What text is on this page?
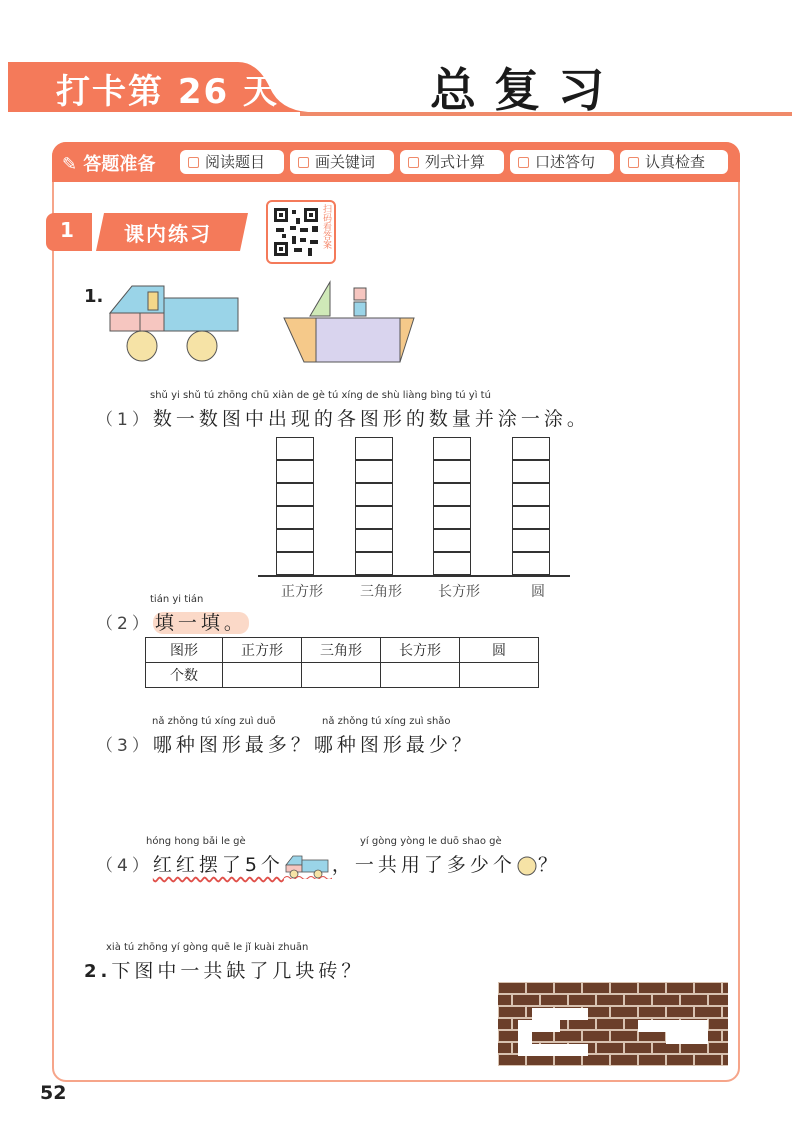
打卡第 26 天	总复习
✎ 答题准备	阅读题目	画关键词	列式计算	口述答句	认真检查
1	课内练习	扫码看答案
1.
shǔ yi shǔ tú zhōng chū xiàn de gè tú xíng de shù liàng bìng tú yì tú
（1）数一数图中出现的各图形的数量并涂一涂。
正方形	三角形	长方形	圆
tián yi tián
（2） 填一填。
图形	正方形	三角形	长方形	圆
个数				
nǎ zhǒng tú xíng zuì duō	nǎ zhǒng tú xíng zuì shǎo
（3）哪种图形最多？哪种图形最少？
hóng hong bǎi le gè	yí gòng yòng le duō shao gè
（4）红红摆了5个	，一共用了多少个 ？
xià tú zhōng yí gòng quē le jǐ kuài zhuān
2.下图中一共缺了几块砖？
52
